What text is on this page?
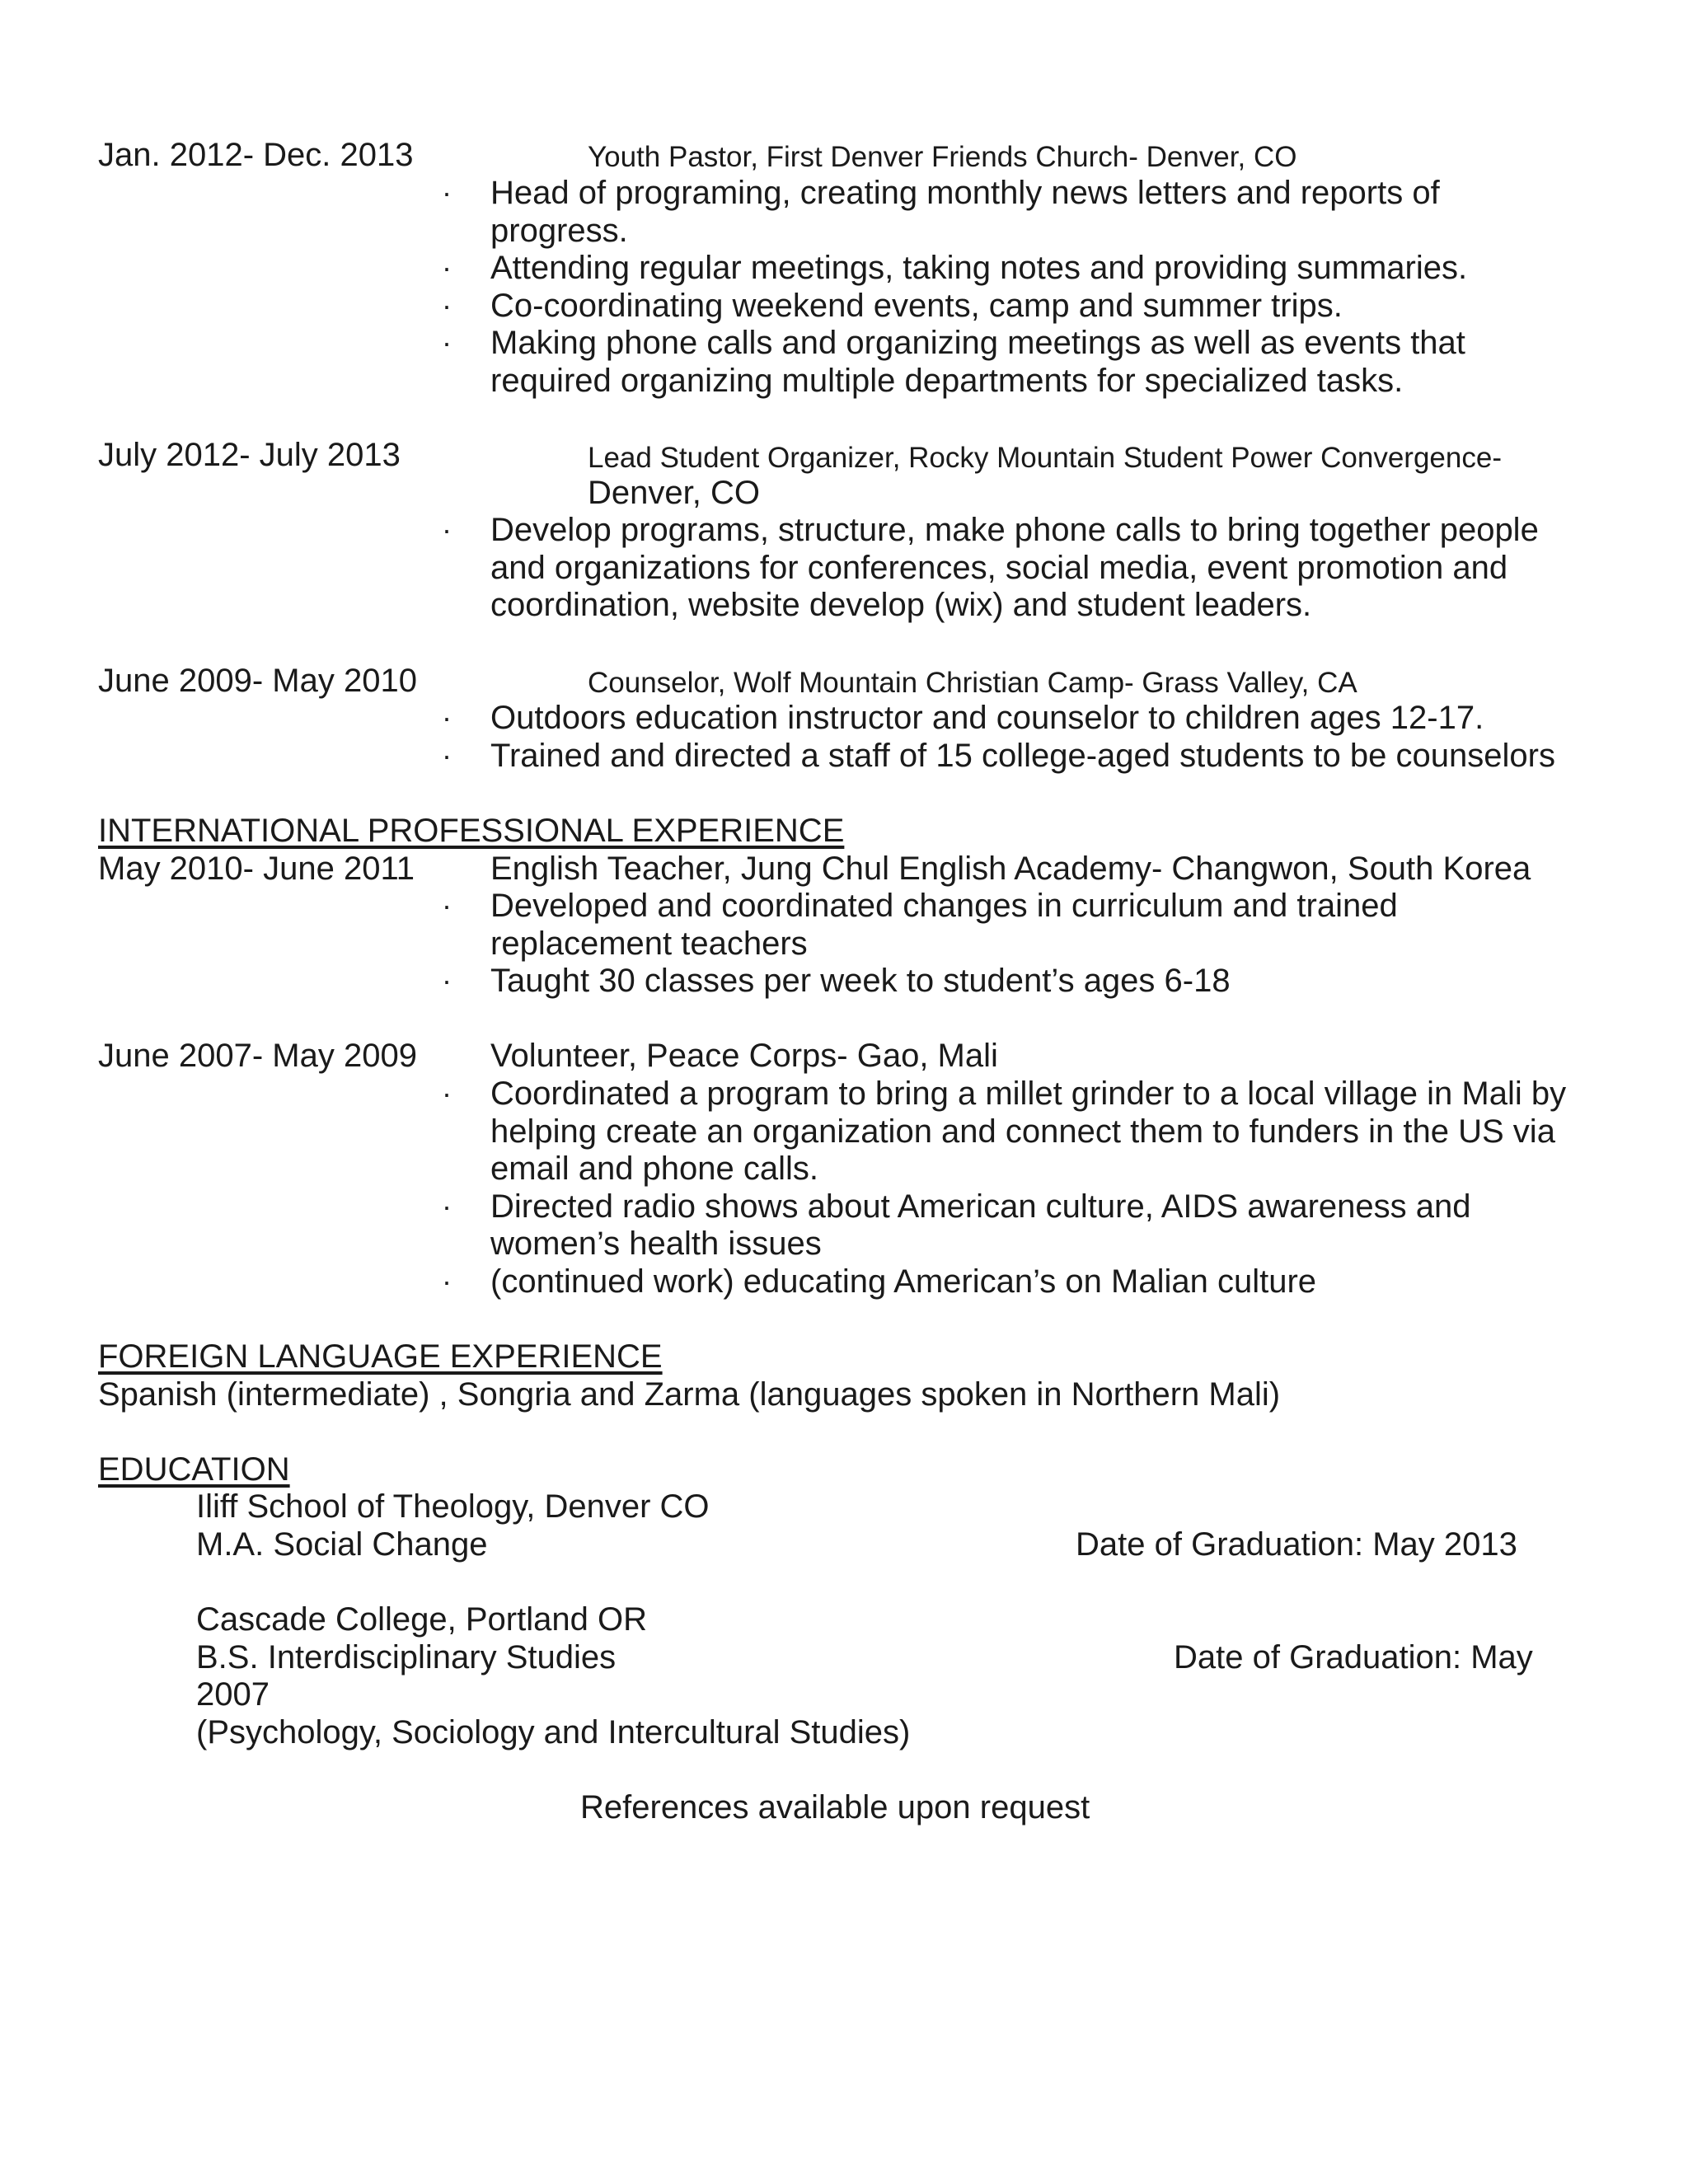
Jan. 2012- Dec. 2013	Youth Pastor, First Denver Friends Church- Denver, CO
· Head of programing, creating monthly news letters and reports of
progress.
· Attending regular meetings, taking notes and providing summaries.
· Co-coordinating weekend events, camp and summer trips.
· Making phone calls and organizing meetings as well as events that
required organizing multiple departments for specialized tasks.
July 2012- July 2013	Lead Student Organizer, Rocky Mountain Student Power Convergence-
Denver, CO
· Develop programs, structure, make phone calls to bring together people
and organizations for conferences, social media, event promotion and
coordination, website develop (wix) and student leaders.
June 2009- May 2010	Counselor, Wolf Mountain Christian Camp- Grass Valley, CA
· Outdoors education instructor and counselor to children ages 12-17.
· Trained and directed a staff of 15 college-aged students to be counselors
INTERNATIONAL PROFESSIONAL EXPERIENCE
May 2010- June 2011 English Teacher, Jung Chul English Academy- Changwon, South Korea
· Developed and coordinated changes in curriculum and trained
replacement teachers
· Taught 30 classes per week to student’s ages 6-18
June 2007- May 2009 Volunteer, Peace Corps- Gao, Mali
· Coordinated a program to bring a millet grinder to a local village in Mali by
helping create an organization and connect them to funders in the US via
email and phone calls.
· Directed radio shows about American culture, AIDS awareness and
women’s health issues
· (continued work) educating American’s on Malian culture
FOREIGN LANGUAGE EXPERIENCE
Spanish (intermediate) , Songria and Zarma (languages spoken in Northern Mali)
EDUCATION
Iliff School of Theology, Denver CO
M.A. Social Change	Date of Graduation: May 2013
Cascade College, Portland OR
B.S. Interdisciplinary Studies	Date of Graduation: May
2007
(Psychology, Sociology and Intercultural Studies)
References available upon request
